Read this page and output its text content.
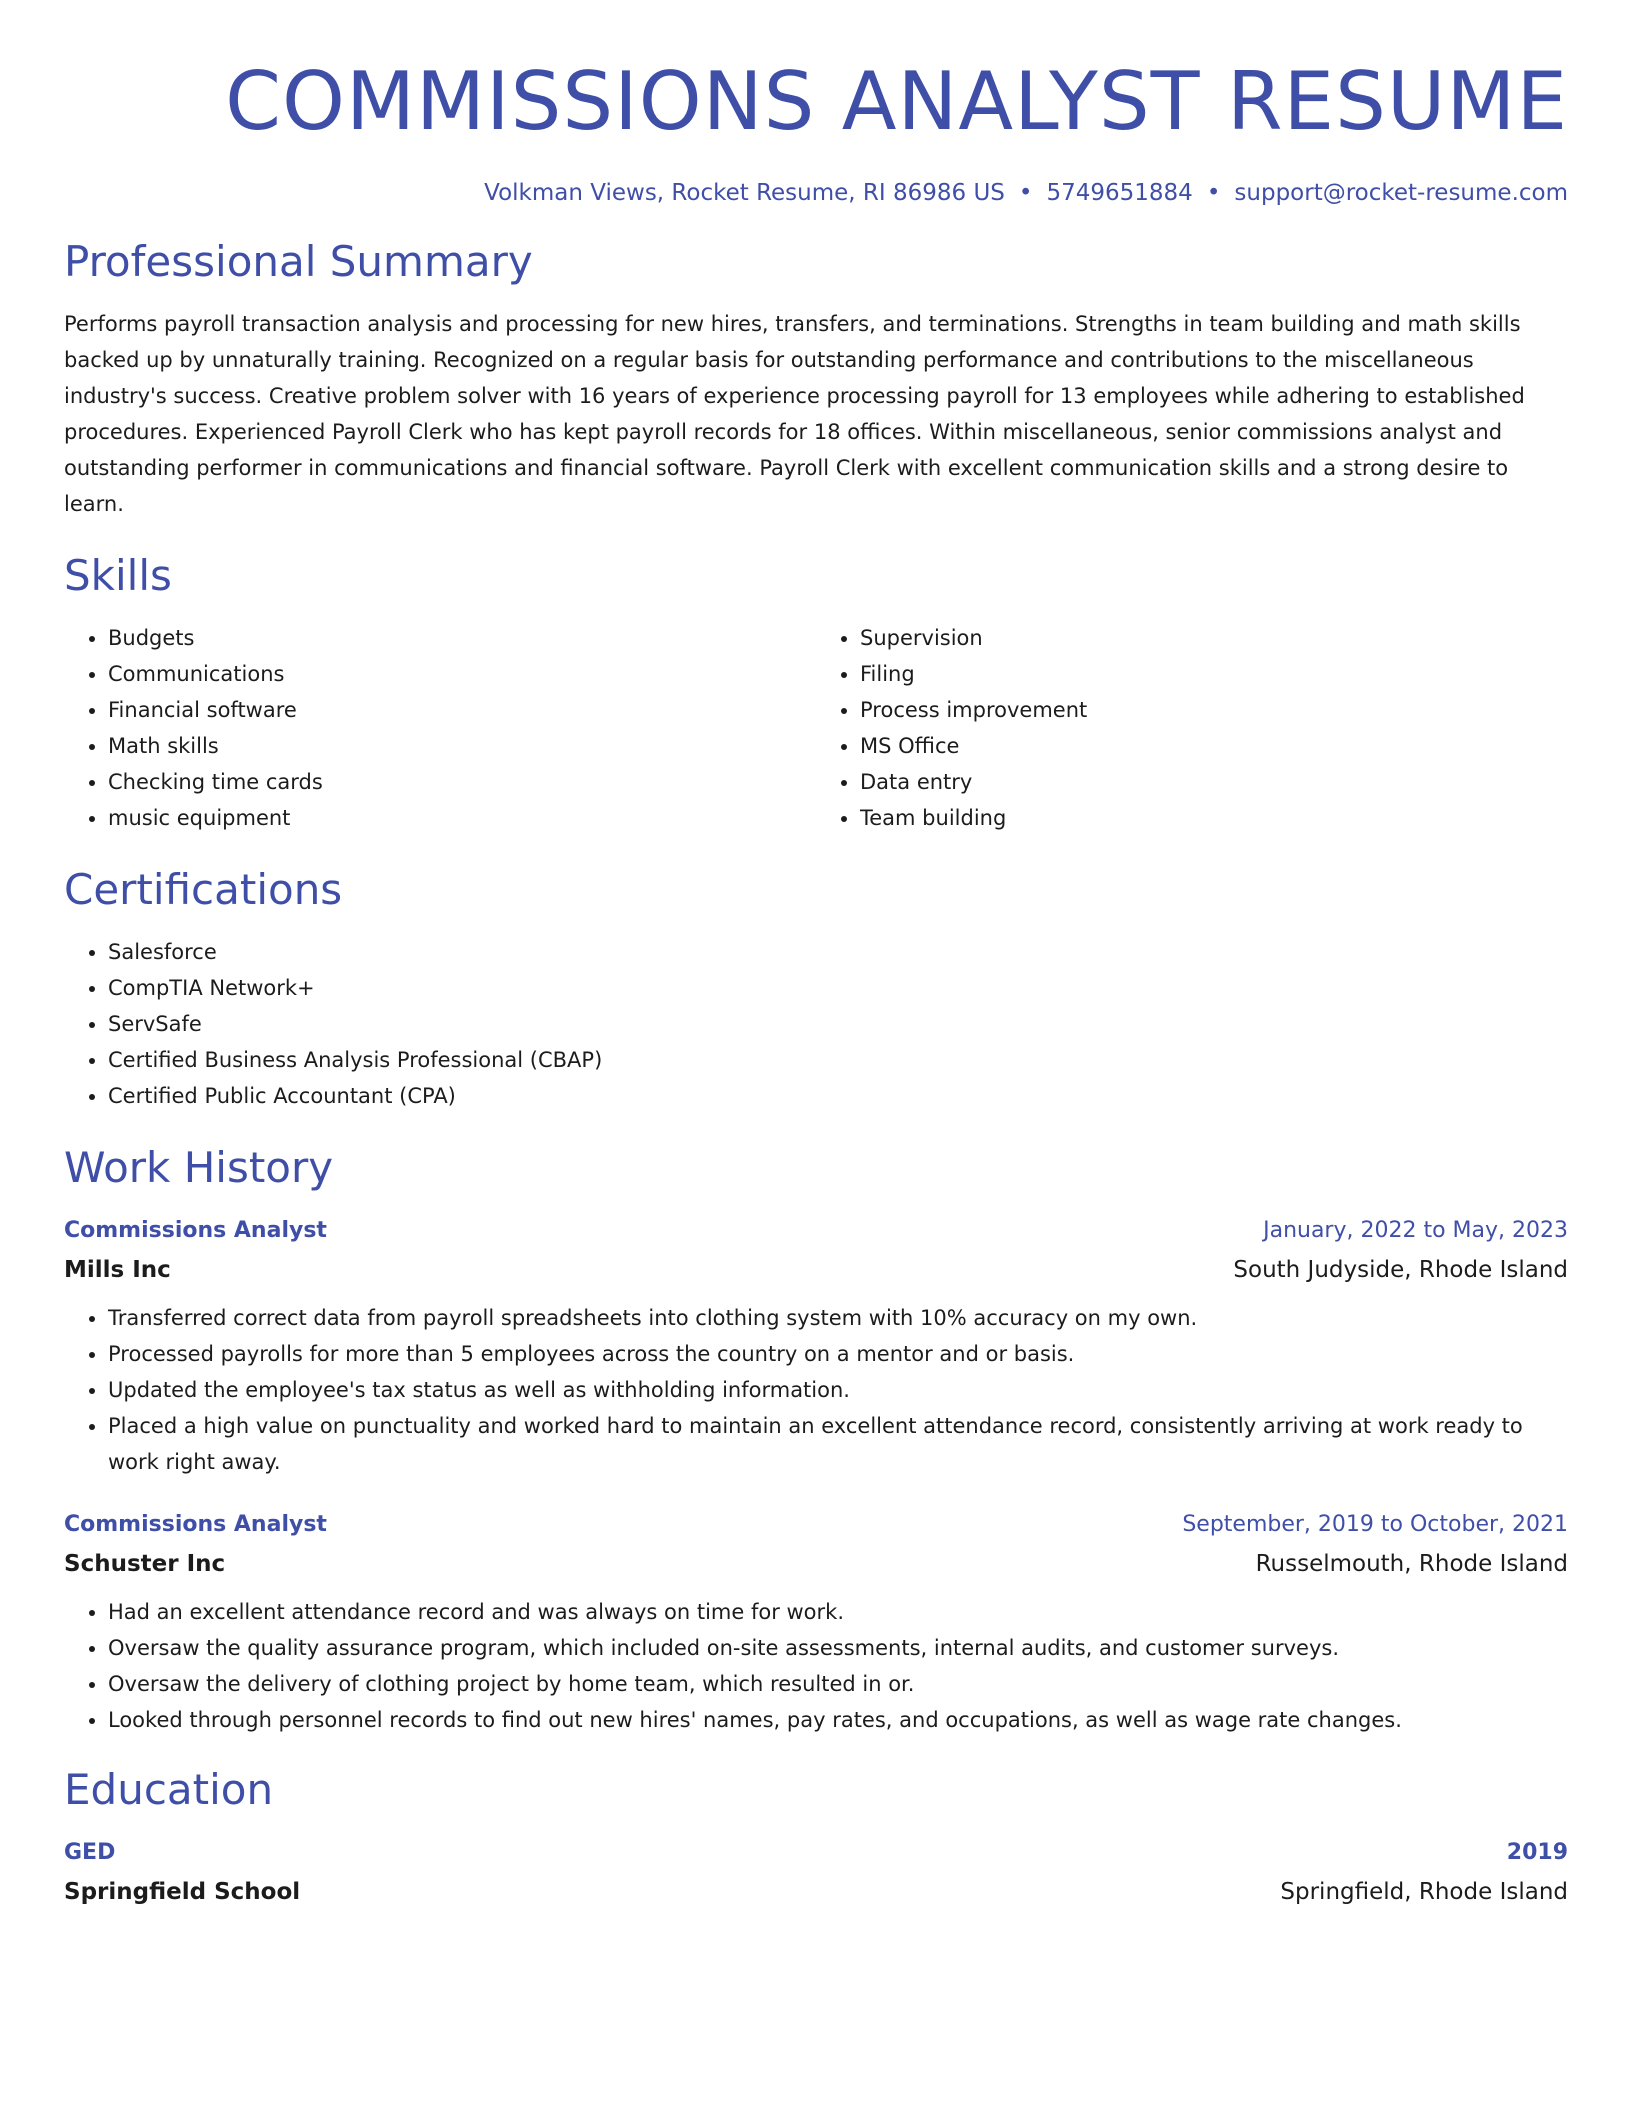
COMMISSIONS ANALYST RESUME
Volkman Views, Rocket Resume, RI 86986 US • 5749651884 • support@rocket-resume.com
Professional Summary

Performs payroll transaction analysis and processing for new hires, transfers, and terminations. Strengths in team building and math skills backed up by unnaturally training. Recognized on a regular basis for outstanding performance and contributions to the miscellaneous industry's success. Creative problem solver with 16 years of experience processing payroll for 13 employees while adhering to established procedures. Experienced Payroll Clerk who has kept payroll records for 18 offices. Within miscellaneous, senior commissions analyst and outstanding performer in communications and financial software. Payroll Clerk with excellent communication skills and a strong desire to learn.

Skills
• Budgets
• Communications
• Financial software
• Math skills
• Checking time cards
• music equipment
• Supervision
• Filing
• Process improvement
• MS Office
• Data entry
• Team building
Certifications
• Salesforce
• CompTIA Network+
• ServSafe
• Certified Business Analysis Professional (CBAP)
• Certified Public Accountant (CPA)
Work History
Commissions Analyst	January, 2022 to May, 2023
Mills Inc	South Judyside, Rhode Island
• Transferred correct data from payroll spreadsheets into clothing system with 10% accuracy on my own.
• Processed payrolls for more than 5 employees across the country on a mentor and or basis.
• Updated the employee's tax status as well as withholding information.
• Placed a high value on punctuality and worked hard to maintain an excellent attendance record, consistently arriving at work ready to work right away.
Commissions Analyst	September, 2019 to October, 2021
Schuster Inc	Russelmouth, Rhode Island
• Had an excellent attendance record and was always on time for work.
• Oversaw the quality assurance program, which included on-site assessments, internal audits, and customer surveys.
• Oversaw the delivery of clothing project by home team, which resulted in or.
• Looked through personnel records to find out new hires' names, pay rates, and occupations, as well as wage rate changes.
Education
GED	2019
Springfield School	Springfield, Rhode Island
